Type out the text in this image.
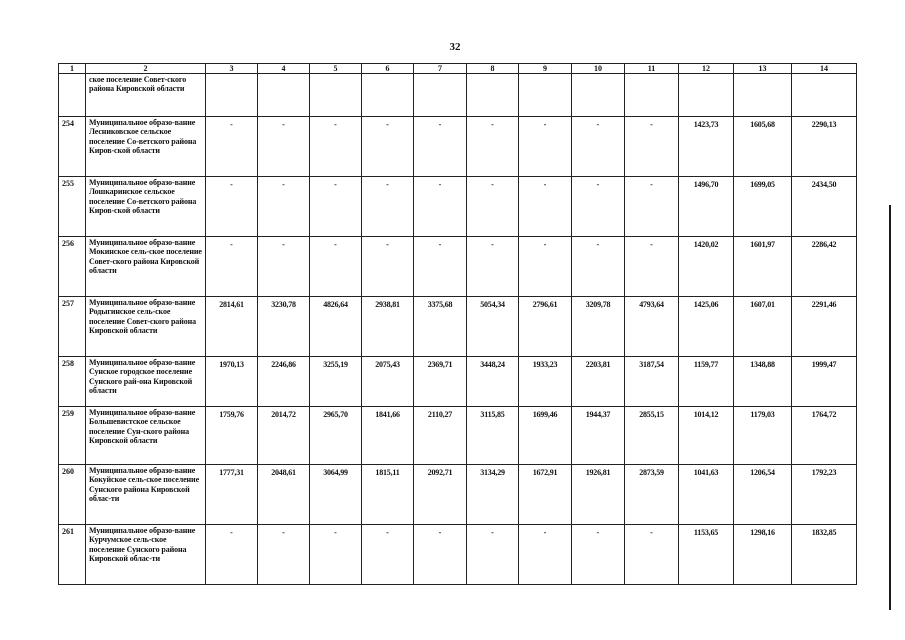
32
1	2	3	4	5	6	7	8	9	10	11	12	13	14
	ское поселение Совет-ского района Кировской области												
254	Муниципальное образо-вание Лесниковское сельское поселение Со-ветского района Киров-ской области	-	-	-	-	-	-	-	-	-	1423,73	1605,68	2290,13
255	Муниципальное образо-вание Лошкаринское сельское поселение Со-ветского района Киров-ской области	-	-	-	-	-	-	-	-	-	1496,70	1699,05	2434,50
256	Муниципальное образо-вание Мокинское сель-ское поселение Совет-ского района Кировской области	-	-	-	-	-	-	-	-	-	1420,02	1601,97	2286,42
257	Муниципальное образо-вание Родыгинское сель-ское поселение Совет-ского района Кировской области	2814,61	3230,78	4826,64	2938,81	3375,68	5054,34	2796,61	3209,78	4793,64	1425,06	1607,01	2291,46
258	Муниципальное образо-вание Сунское городское поселение Сунского рай-она Кировской области	1970,13	2246,86	3255,19	2075,43	2369,71	3448,24	1933,23	2203,81	3187,54	1159,77	1348,88	1999,47
259	Муниципальное образо-вание Большевистское сельское поселение Сун-ского района Кировской области	1759,76	2014,72	2965,70	1841,66	2110,27	3115,85	1699,46	1944,37	2855,15	1014,12	1179,03	1764,72
260	Муниципальное образо-вание Кокуйское сель-ское поселение Сунского района Кировской облас-ти	1777,31	2048,61	3064,99	1815,11	2092,71	3134,29	1672,91	1926,81	2873,59	1041,63	1206,54	1792,23
261	Муниципальное образо-вание Курчумское сель-ское поселение Сунского района Кировской облас-ти	-	-	-	-	-	-	-	-	-	1153,65	1298,16	1832,85
